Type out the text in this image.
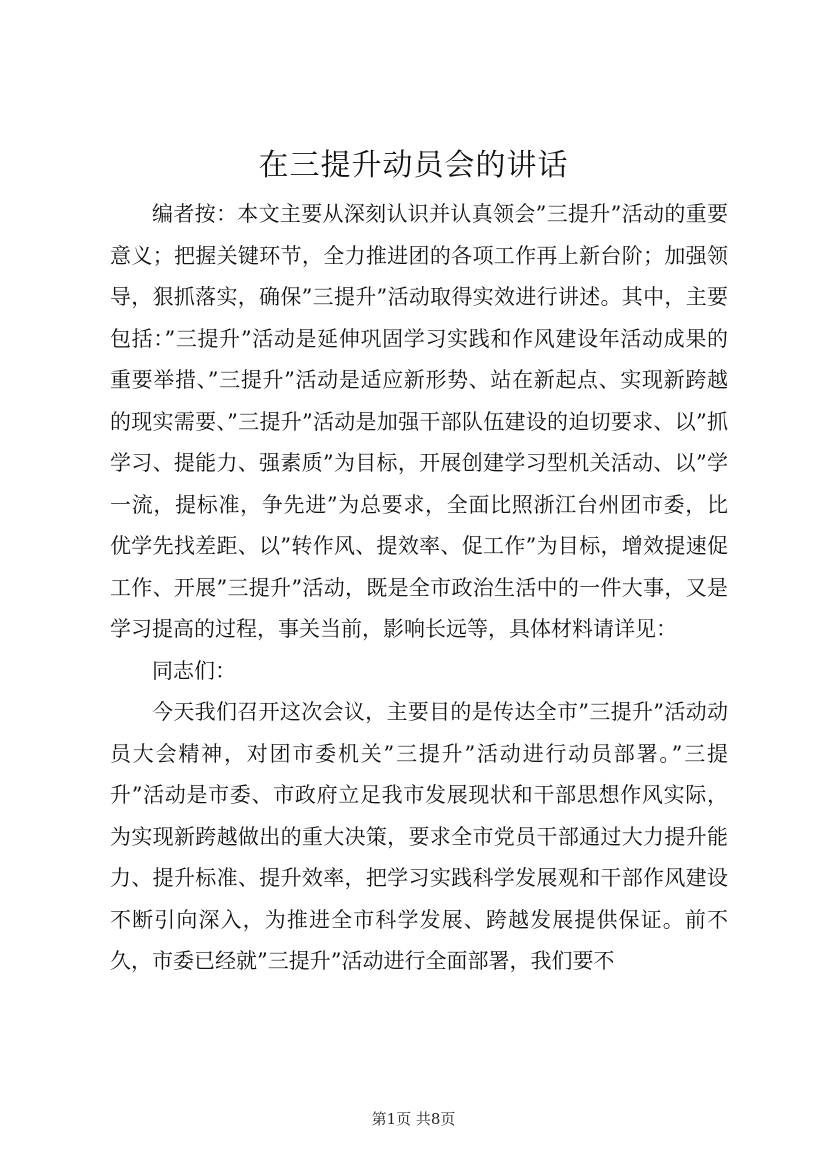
在三提升动员会的讲话

编者按：本文主要从深刻认识并认真领会”三提升”活动的重要意义；把握关键环节，全力推进团的各项工作再上新台阶；加强领导，狠抓落实，确保”三提升”活动取得实效进行讲述。其中，主要包括：”三提升”活动是延伸巩固学习实践和作风建设年活动成果的重要举措、”三提升”活动是适应新形势、站在新起点、实现新跨越的现实需要、”三提升”活动是加强干部队伍建设的迫切要求、以”抓学习、提能力、强素质”为目标，开展创建学习型机关活动、以”学一流，提标准，争先进”为总要求，全面比照浙江台州团市委，比优学先找差距、以”转作风、提效率、促工作”为目标，增效提速促工作、开展”三提升”活动，既是全市政治生活中的一件大事，又是学习提高的过程，事关当前，影响长远等，具体材料请详见：

同志们：

今天我们召开这次会议，主要目的是传达全市”三提升”活动动员大会精神，对团市委机关”三提升”活动进行动员部署。”三提升”活动是市委、市政府立足我市发展现状和干部思想作风实际，为实现新跨越做出的重大决策，要求全市党员干部通过大力提升能力、提升标准、提升效率，把学习实践科学发展观和干部作风建设不断引向深入，为推进全市科学发展、跨越发展提供保证。前不久，市委已经就”三提升”活动进行全面部署，我们要不

第1页 共8页
